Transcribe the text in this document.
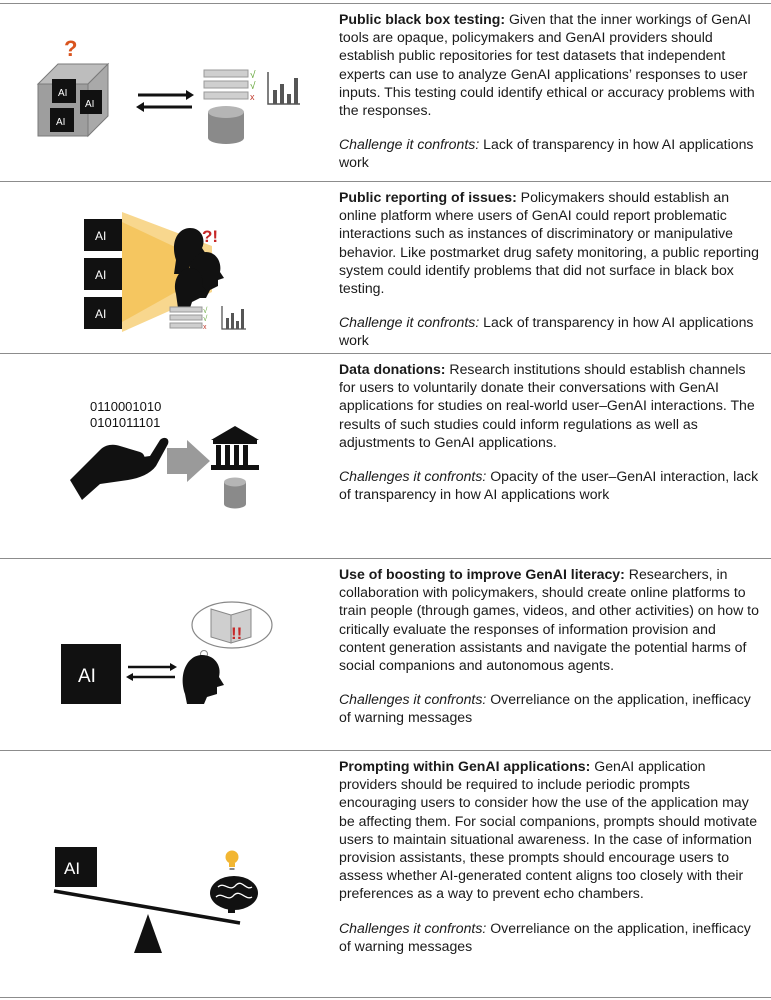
?
AI
AI
AI
√
√
x

Public black box testing: Given that the inner workings of GenAI tools are opaque, policymakers and GenAI providers should establish public repositories for test datasets that independent experts can use to analyze GenAI applications’ responses to user inputs. This testing could identify ethical or accuracy problems with the responses.

Challenge it confronts: Lack of transparency in how AI applications work

AI
AI
AI
?!
√
√
x

Public reporting of issues: Policymakers should establish an online platform where users of GenAI could report problematic interactions such as instances of discriminatory or manipulative behavior. Like postmarket drug safety monitoring, a public reporting system could identify problems that did not surface in black box testing.

Challenge it confronts: Lack of transparency in how AI applications work

0110001010
0101011101

Data donations: Research institutions should establish channels for users to voluntarily donate their conversations with GenAI applications for studies on real-world user–GenAI interactions. The results of such studies could inform regulations as well as adjustments to GenAI applications.

Challenges it confronts: Opacity of the user–GenAI interaction, lack of transparency in how AI applications work

AI
!!

Use of boosting to improve GenAI literacy: Researchers, in collaboration with policymakers, should create online platforms to train people (through games, videos, and other activities) on how to critically evaluate the responses of information provision and content generation assistants and navigate the potential harms of social companions and autonomous agents.

Challenges it confronts: Overreliance on the application, inefficacy of warning messages

AI

Prompting within GenAI applications: GenAI application providers should be required to include periodic prompts encouraging users to consider how the use of the application may be affecting them. For social companions, prompts should motivate users to maintain situational awareness. In the case of information provision assistants, these prompts should encourage users to assess whether AI-generated content aligns too closely with their preferences as a way to prevent echo chambers.

Challenges it confronts: Overreliance on the application, inefficacy of warning messages
